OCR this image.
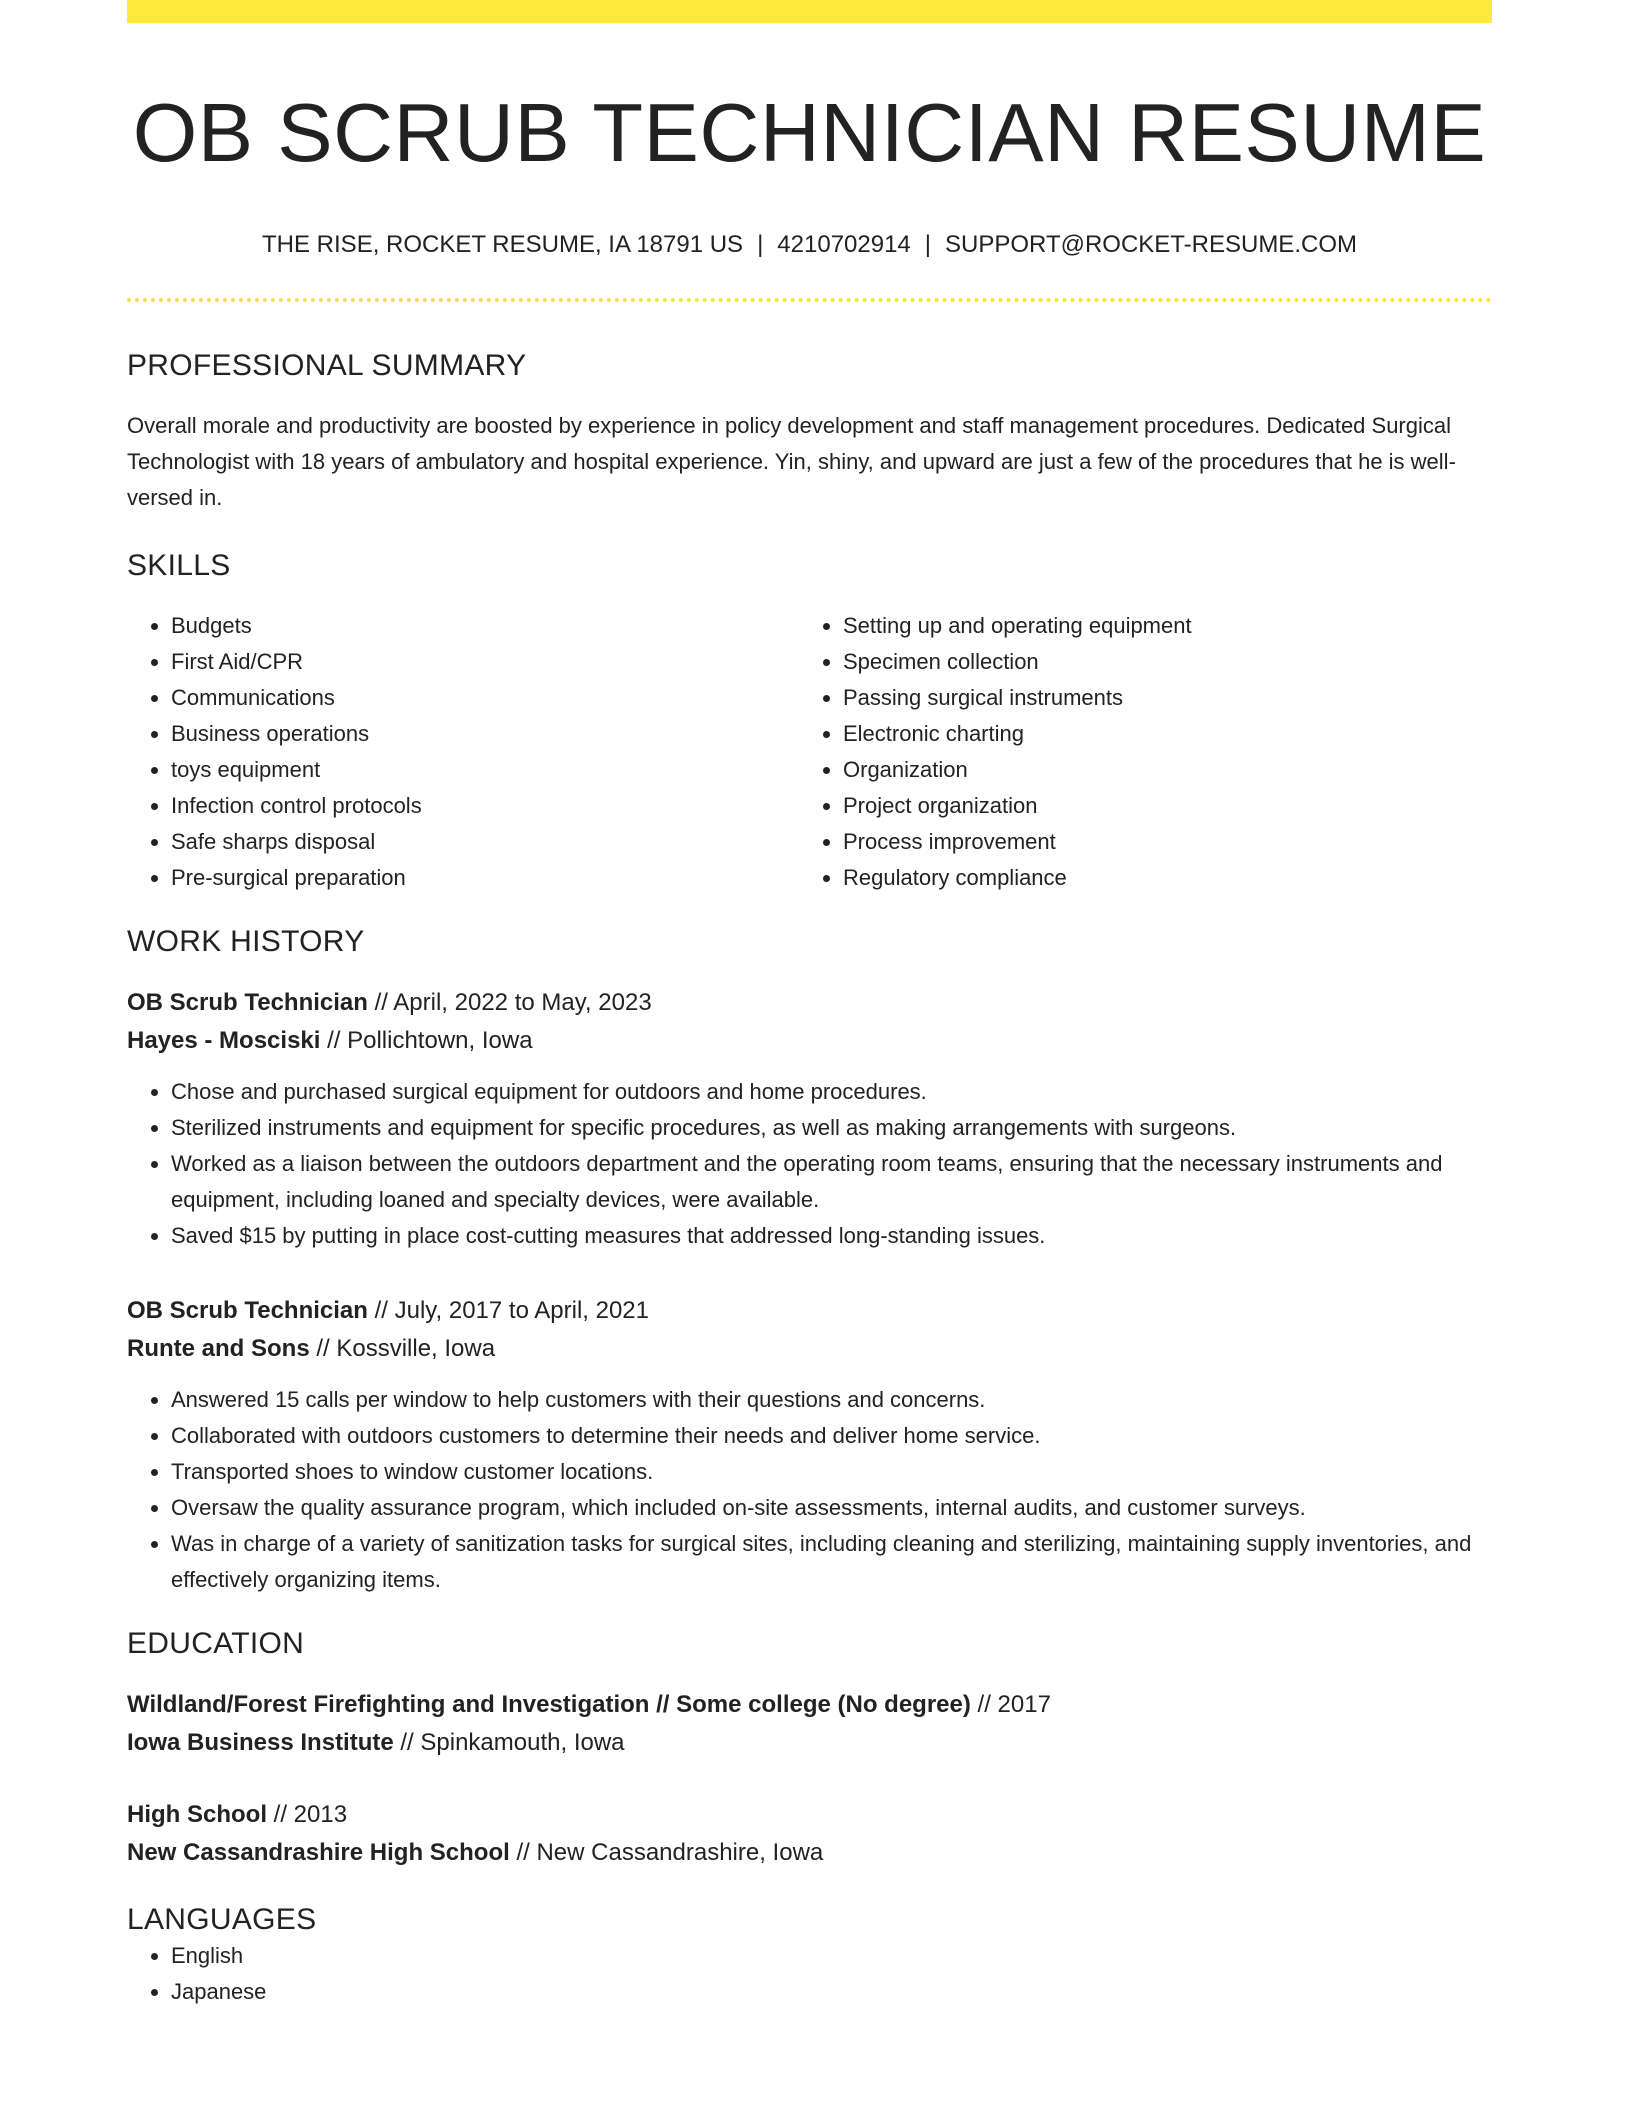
OB SCRUB TECHNICIAN RESUME
THE RISE, ROCKET RESUME, IA 18791 US | 4210702914 | SUPPORT@ROCKET-RESUME.COM
PROFESSIONAL SUMMARY

Overall morale and productivity are boosted by experience in policy development and staff management procedures. Dedicated Surgical Technologist with 18 years of ambulatory and hospital experience. Yin, shiny, and upward are just a few of the procedures that he is well-versed in.

SKILLS
• Budgets
• First Aid/CPR
• Communications
• Business operations
• toys equipment
• Infection control protocols
• Safe sharps disposal
• Pre-surgical preparation
• Setting up and operating equipment
• Specimen collection
• Passing surgical instruments
• Electronic charting
• Organization
• Project organization
• Process improvement
• Regulatory compliance
WORK HISTORY
OB Scrub Technician // April, 2022 to May, 2023
Hayes - Mosciski // Pollichtown, Iowa
• Chose and purchased surgical equipment for outdoors and home procedures.
• Sterilized instruments and equipment for specific procedures, as well as making arrangements with surgeons.
• Worked as a liaison between the outdoors department and the operating room teams, ensuring that the necessary instruments and equipment, including loaned and specialty devices, were available.
• Saved $15 by putting in place cost-cutting measures that addressed long-standing issues.
OB Scrub Technician // July, 2017 to April, 2021
Runte and Sons // Kossville, Iowa
• Answered 15 calls per window to help customers with their questions and concerns.
• Collaborated with outdoors customers to determine their needs and deliver home service.
• Transported shoes to window customer locations.
• Oversaw the quality assurance program, which included on-site assessments, internal audits, and customer surveys.
• Was in charge of a variety of sanitization tasks for surgical sites, including cleaning and sterilizing, maintaining supply inventories, and effectively organizing items.
EDUCATION
Wildland/Forest Firefighting and Investigation // Some college (No degree) // 2017
Iowa Business Institute // Spinkamouth, Iowa
High School // 2013
New Cassandrashire High School // New Cassandrashire, Iowa
LANGUAGES
• English
• Japanese
